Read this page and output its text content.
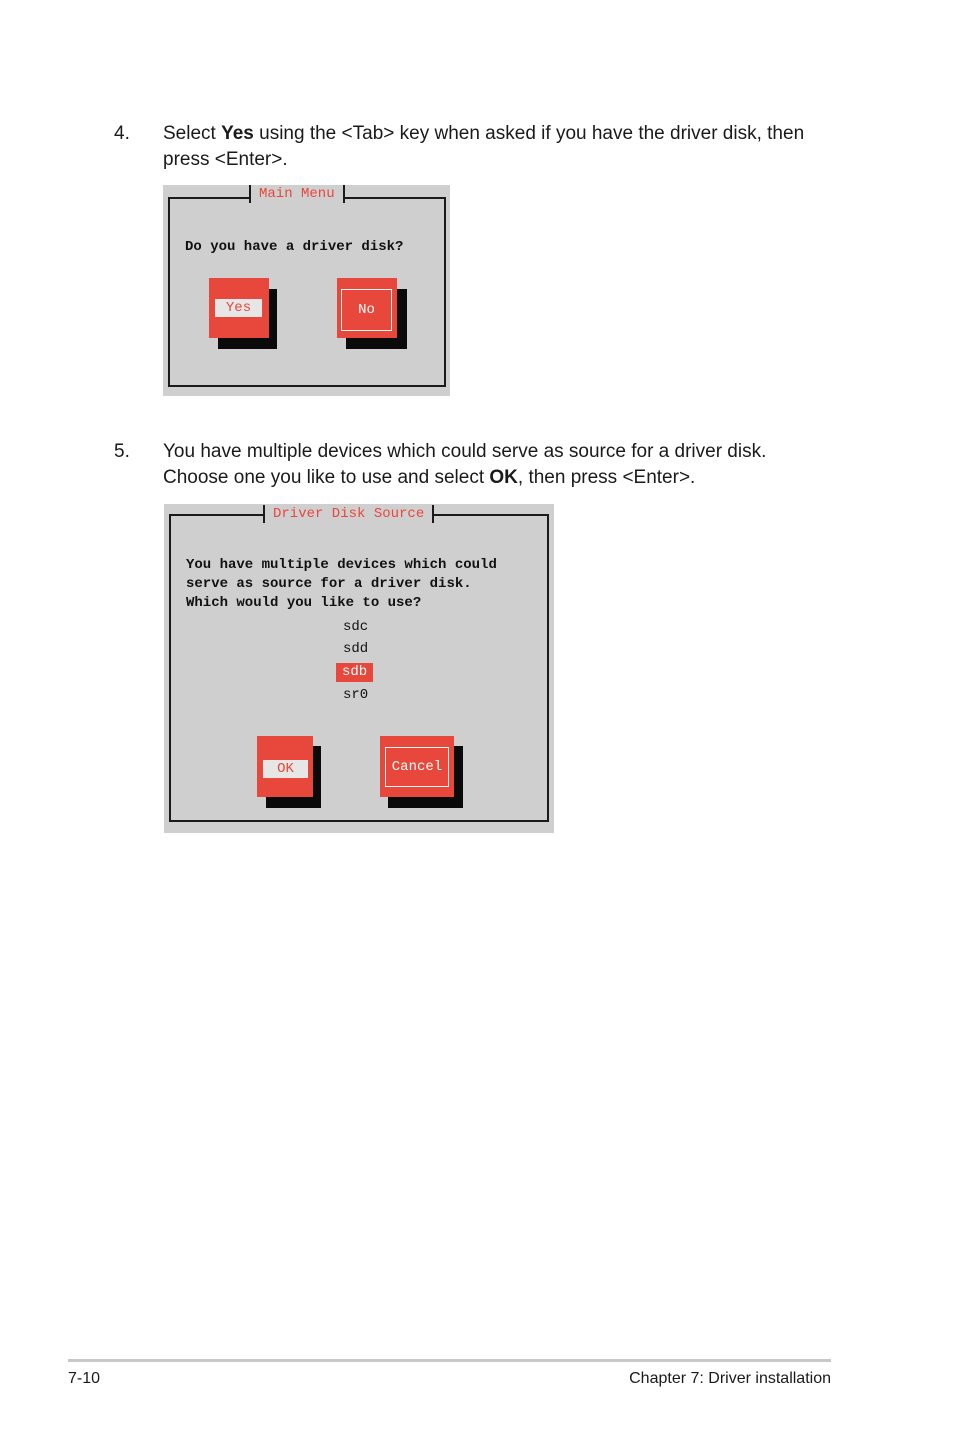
4. Select Yes using the <Tab> key when asked if you have the driver disk, then
press <Enter>.
Main Menu
Do you have a driver disk?
Yes	No
5. You have multiple devices which could serve as source for a driver disk.
Choose one you like to use and select OK, then press <Enter>.
Driver Disk Source
You have multiple devices which could
serve as source for a driver disk.
Which would you like to use?
sdc
sdd
sdb
sr0
OK	Cancel
7-10	Chapter 7: Driver installation
